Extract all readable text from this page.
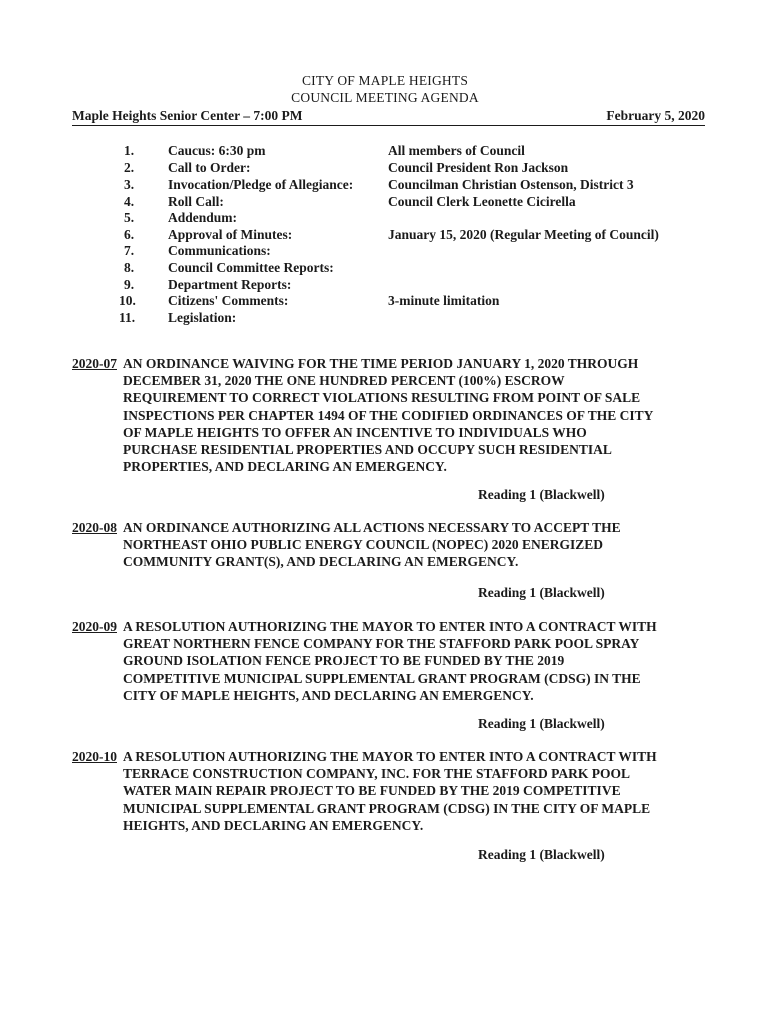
CITY OF MAPLE HEIGHTS
COUNCIL MEETING AGENDA
Maple Heights Senior Center – 7:00 PM	February 5, 2020
1.	Caucus: 6:30 pm	All members of Council
2.	Call to Order:	Council President Ron Jackson
3.	Invocation/Pledge of Allegiance:	Councilman Christian Ostenson, District 3
4.	Roll Call:	Council Clerk Leonette Cicirella
5.	Addendum:
6.	Approval of Minutes:	January 15, 2020 (Regular Meeting of Council)
7.	Communications:
8.	Council Committee Reports:
9.	Department Reports:
10. Citizens' Comments:	3-minute limitation
11. Legislation:
2020-07 AN ORDINANCE WAIVING FOR THE TIME PERIOD JANUARY 1, 2020 THROUGH DECEMBER 31, 2020 THE ONE HUNDRED PERCENT (100%) ESCROW REQUIREMENT TO CORRECT VIOLATIONS RESULTING FROM POINT OF SALE INSPECTIONS PER CHAPTER 1494 OF THE CODIFIED ORDINANCES OF THE CITY OF MAPLE HEIGHTS TO OFFER AN INCENTIVE TO INDIVIDUALS WHO PURCHASE RESIDENTIAL PROPERTIES AND OCCUPY SUCH RESIDENTIAL PROPERTIES, AND DECLARING AN EMERGENCY.
Reading 1 (Blackwell)
2020-08 AN ORDINANCE AUTHORIZING ALL ACTIONS NECESSARY TO ACCEPT THE NORTHEAST OHIO PUBLIC ENERGY COUNCIL (NOPEC) 2020 ENERGIZED COMMUNITY GRANT(S), AND DECLARING AN EMERGENCY.
Reading 1 (Blackwell)
2020-09 A RESOLUTION AUTHORIZING THE MAYOR TO ENTER INTO A CONTRACT WITH GREAT NORTHERN FENCE COMPANY FOR THE STAFFORD PARK POOL SPRAY GROUND ISOLATION FENCE PROJECT TO BE FUNDED BY THE 2019 COMPETITIVE MUNICIPAL SUPPLEMENTAL GRANT PROGRAM (CDSG) IN THE CITY OF MAPLE HEIGHTS, AND DECLARING AN EMERGENCY.
Reading 1 (Blackwell)
2020-10 A RESOLUTION AUTHORIZING THE MAYOR TO ENTER INTO A CONTRACT WITH TERRACE CONSTRUCTION COMPANY, INC. FOR THE STAFFORD PARK POOL WATER MAIN REPAIR PROJECT TO BE FUNDED BY THE 2019 COMPETITIVE MUNICIPAL SUPPLEMENTAL GRANT PROGRAM (CDSG) IN THE CITY OF MAPLE HEIGHTS, AND DECLARING AN EMERGENCY.
Reading 1 (Blackwell)
